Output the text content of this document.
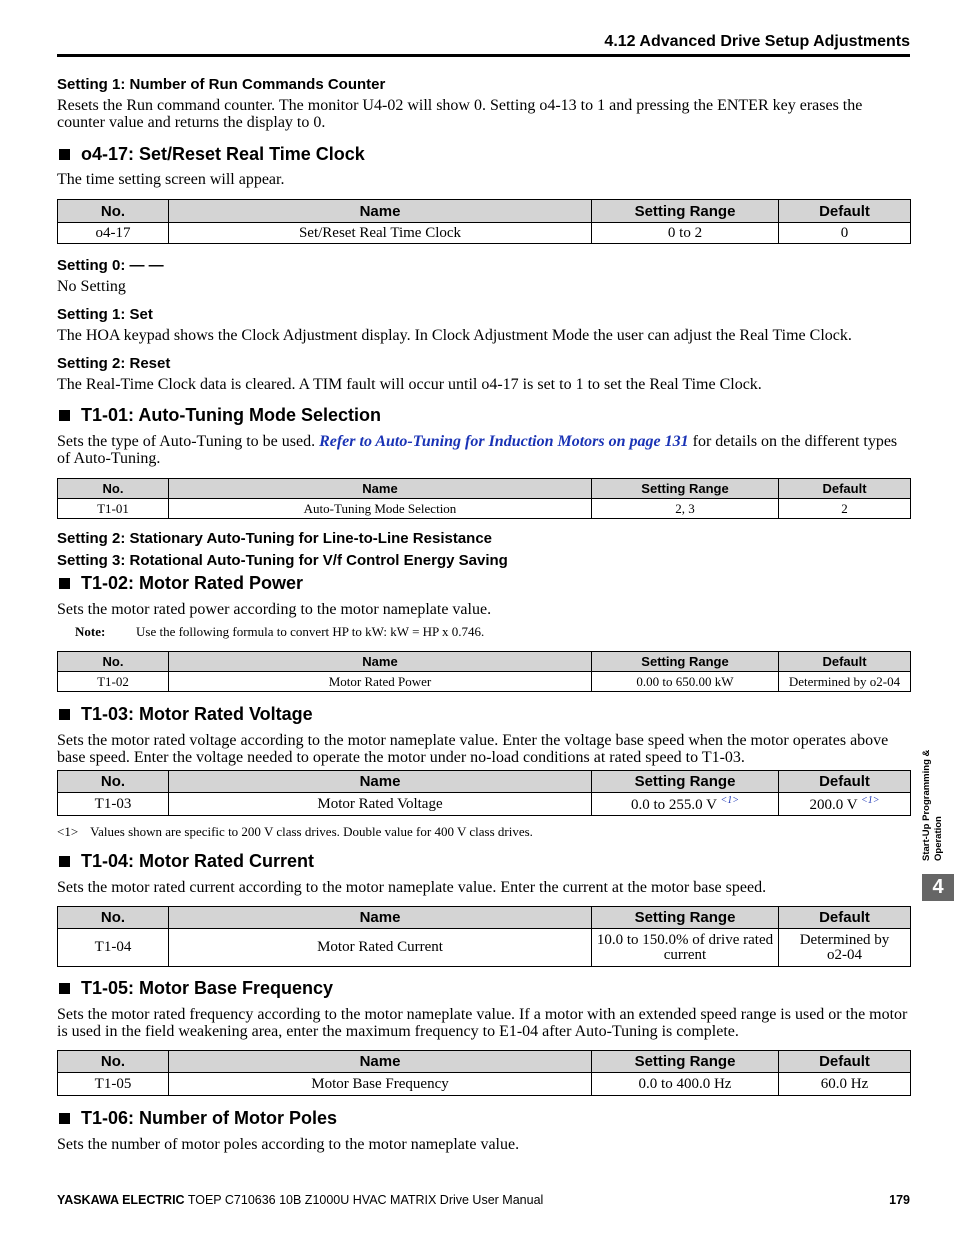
4.12 Advanced Drive Setup Adjustments

Setting 1: Number of Run Commands Counter

Resets the Run command counter. The monitor U4-02 will show 0. Setting o4-13 to 1 and pressing the ENTER key erases the counter value and returns the display to 0.

o4-17: Set/Reset Real Time Clock

The time setting screen will appear.

No.	Name	Setting Range	Default
o4-17	Set/Reset Real Time Clock	0 to 2	0

Setting 0: — —

No Setting

Setting 1: Set

The HOA keypad shows the Clock Adjustment display. In Clock Adjustment Mode the user can adjust the Real Time Clock.

Setting 2: Reset

The Real-Time Clock data is cleared. A TIM fault will occur until o4-17 is set to 1 to set the Real Time Clock.

T1-01: Auto-Tuning Mode Selection

Sets the type of Auto-Tuning to be used. Refer to Auto-Tuning for Induction Motors on page 131 for details on the different types of Auto-Tuning.

No.	Name	Setting Range	Default
T1-01	Auto-Tuning Mode Selection	2, 3	2

Setting 2: Stationary Auto-Tuning for Line-to-Line Resistance

Setting 3: Rotational Auto-Tuning for V/f Control Energy Saving

T1-02: Motor Rated Power

Sets the motor rated power according to the motor nameplate value.

Note:	Use the following formula to convert HP to kW: kW = HP x 0.746.
No.	Name	Setting Range	Default
T1-02	Motor Rated Power	0.00 to 650.00 kW	Determined by o2-04
T1-03: Motor Rated Voltage

Sets the motor rated voltage according to the motor nameplate value. Enter the voltage base speed when the motor operates above base speed. Enter the voltage needed to operate the motor under no-load conditions at rated speed to T1-03.

No.	Name	Setting Range	Default
T1-03	Motor Rated Voltage	0.0 to 255.0 V $^{<1>}$	200.0 V $^{<1>}$
<1> Values shown are specific to 200 V class drives. Double value for 400 V class drives.
T1-04: Motor Rated Current

Sets the motor rated current according to the motor nameplate value. Enter the current at the motor base speed.

No.	Name	Setting Range	Default
T1-04	Motor Rated Current	10.0 to 150.0% of drive rated current	Determined by o2-04
T1-05: Motor Base Frequency

Sets the motor rated frequency according to the motor nameplate value. If a motor with an extended speed range is used or the motor is used in the field weakening area, enter the maximum frequency to E1-04 after Auto-Tuning is complete.

No.	Name	Setting Range	Default
T1-05	Motor Base Frequency	0.0 to 400.0 Hz	60.0 Hz
T1-06: Number of Motor Poles

Sets the number of motor poles according to the motor nameplate value.

Start-Up Programming & Operation
4
YASKAWA ELECTRIC TOEP C710636 10B Z1000U HVAC MATRIX Drive User Manual	179
